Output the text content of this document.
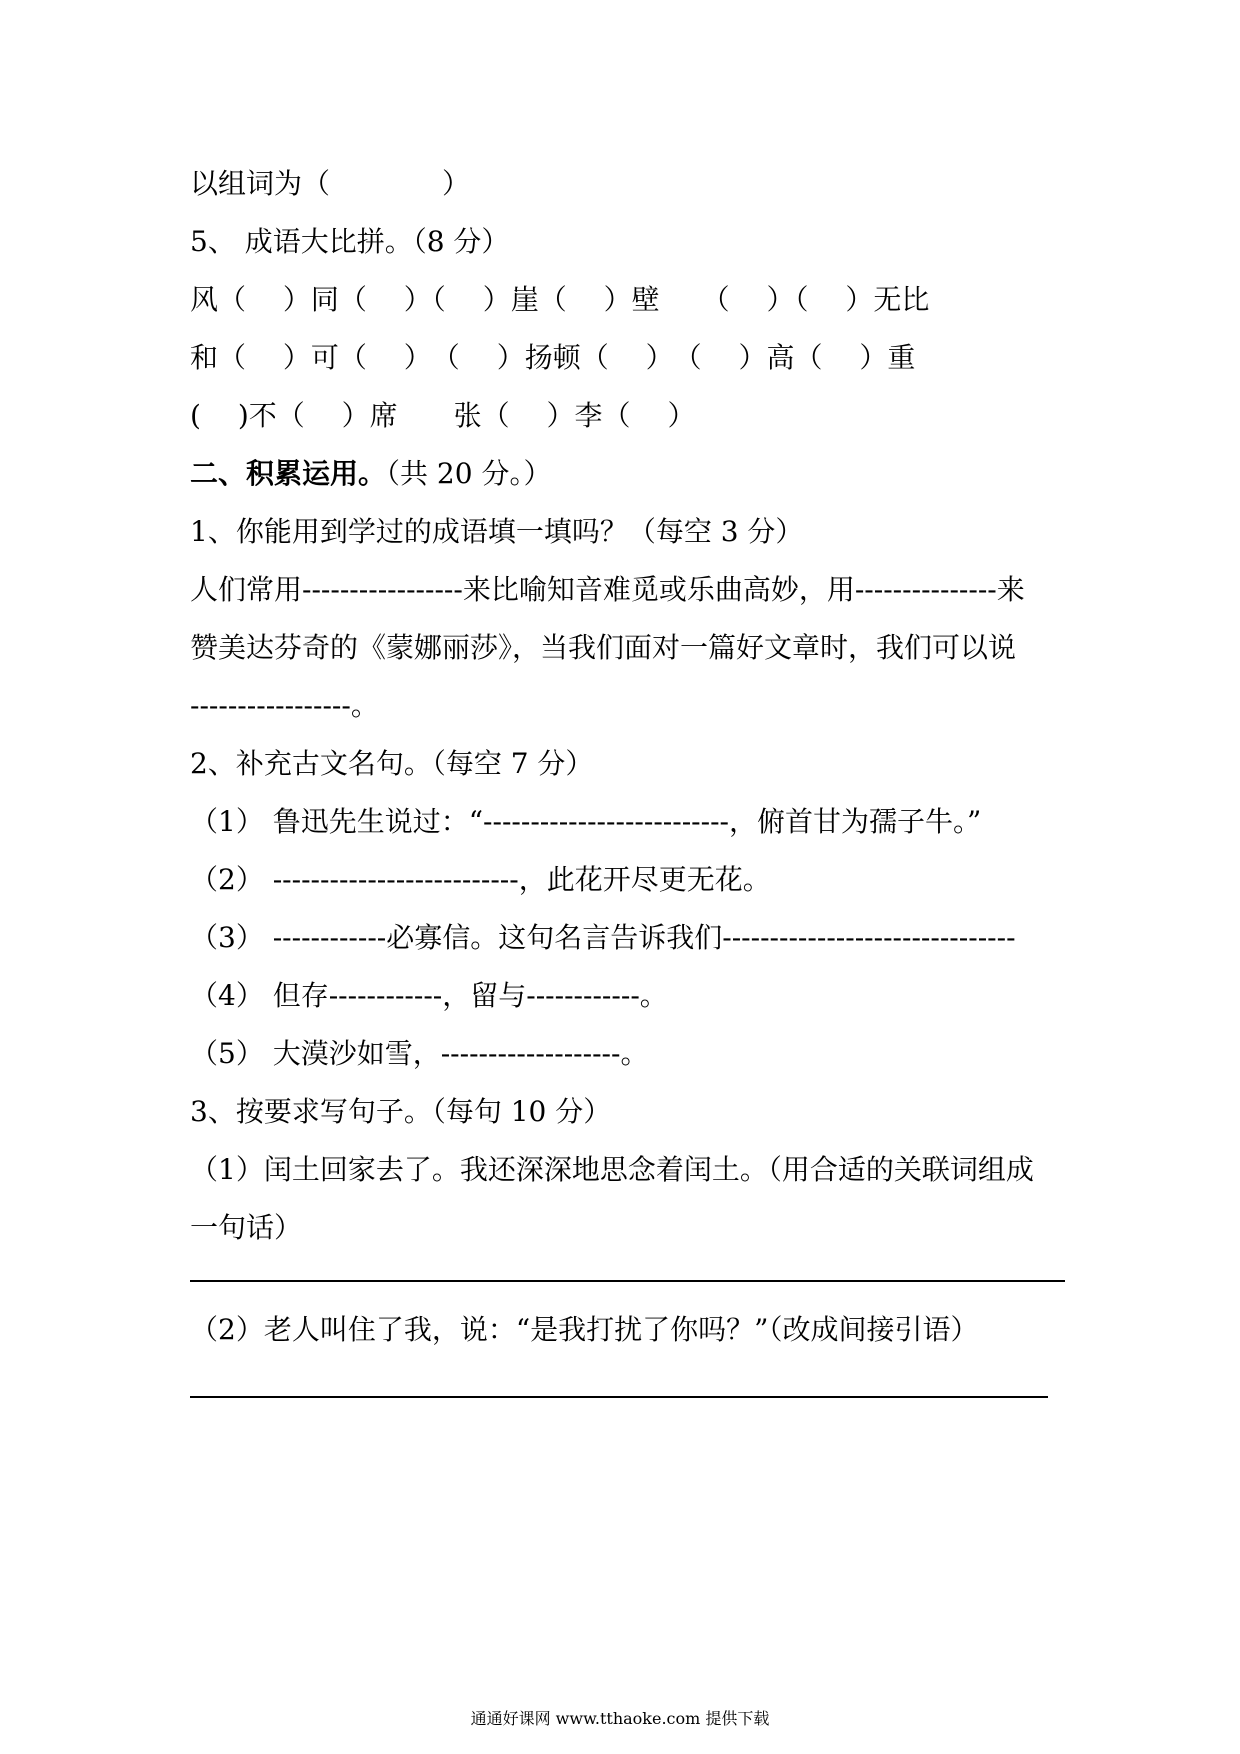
以组词为（　　　　）
5、 成语大比拼。（8 分）
风（　 ）同（　 ）（　 ）崖（　 ）壁　　（　 ）（　 ）无比
和（　 ）可（　 ）　（　 ）扬顿（　 ）　（　 ）高（　 ）重
(　 )不（　 ）席　　张（　 ）李（　 ）
二、积累运用。（共 20 分。）
1、你能用到学过的成语填一填吗？（每空 3 分）
人们常用-----------------来比喻知音难觅或乐曲高妙，用---------------来
赞美达芬奇的《蒙娜丽莎》，当我们面对一篇好文章时，我们可以说
-----------------。
2、补充古文名句。（每空 7 分）
（1） 鲁迅先生说过：“--------------------------，俯首甘为孺子牛。”
（2） --------------------------，此花开尽更无花。
（3） ------------必寡信。这句名言告诉我们-------------------------------
（4） 但存------------，留与------------。
（5） 大漠沙如雪，-------------------。
3、按要求写句子。（每句 10 分）
（1）闰土回家去了。我还深深地思念着闰土。（用合适的关联词组成
一句话）
（2）老人叫住了我，说：“是我打扰了你吗？”（改成间接引语）
通通好课网 www.tthaoke.com 提供下载
